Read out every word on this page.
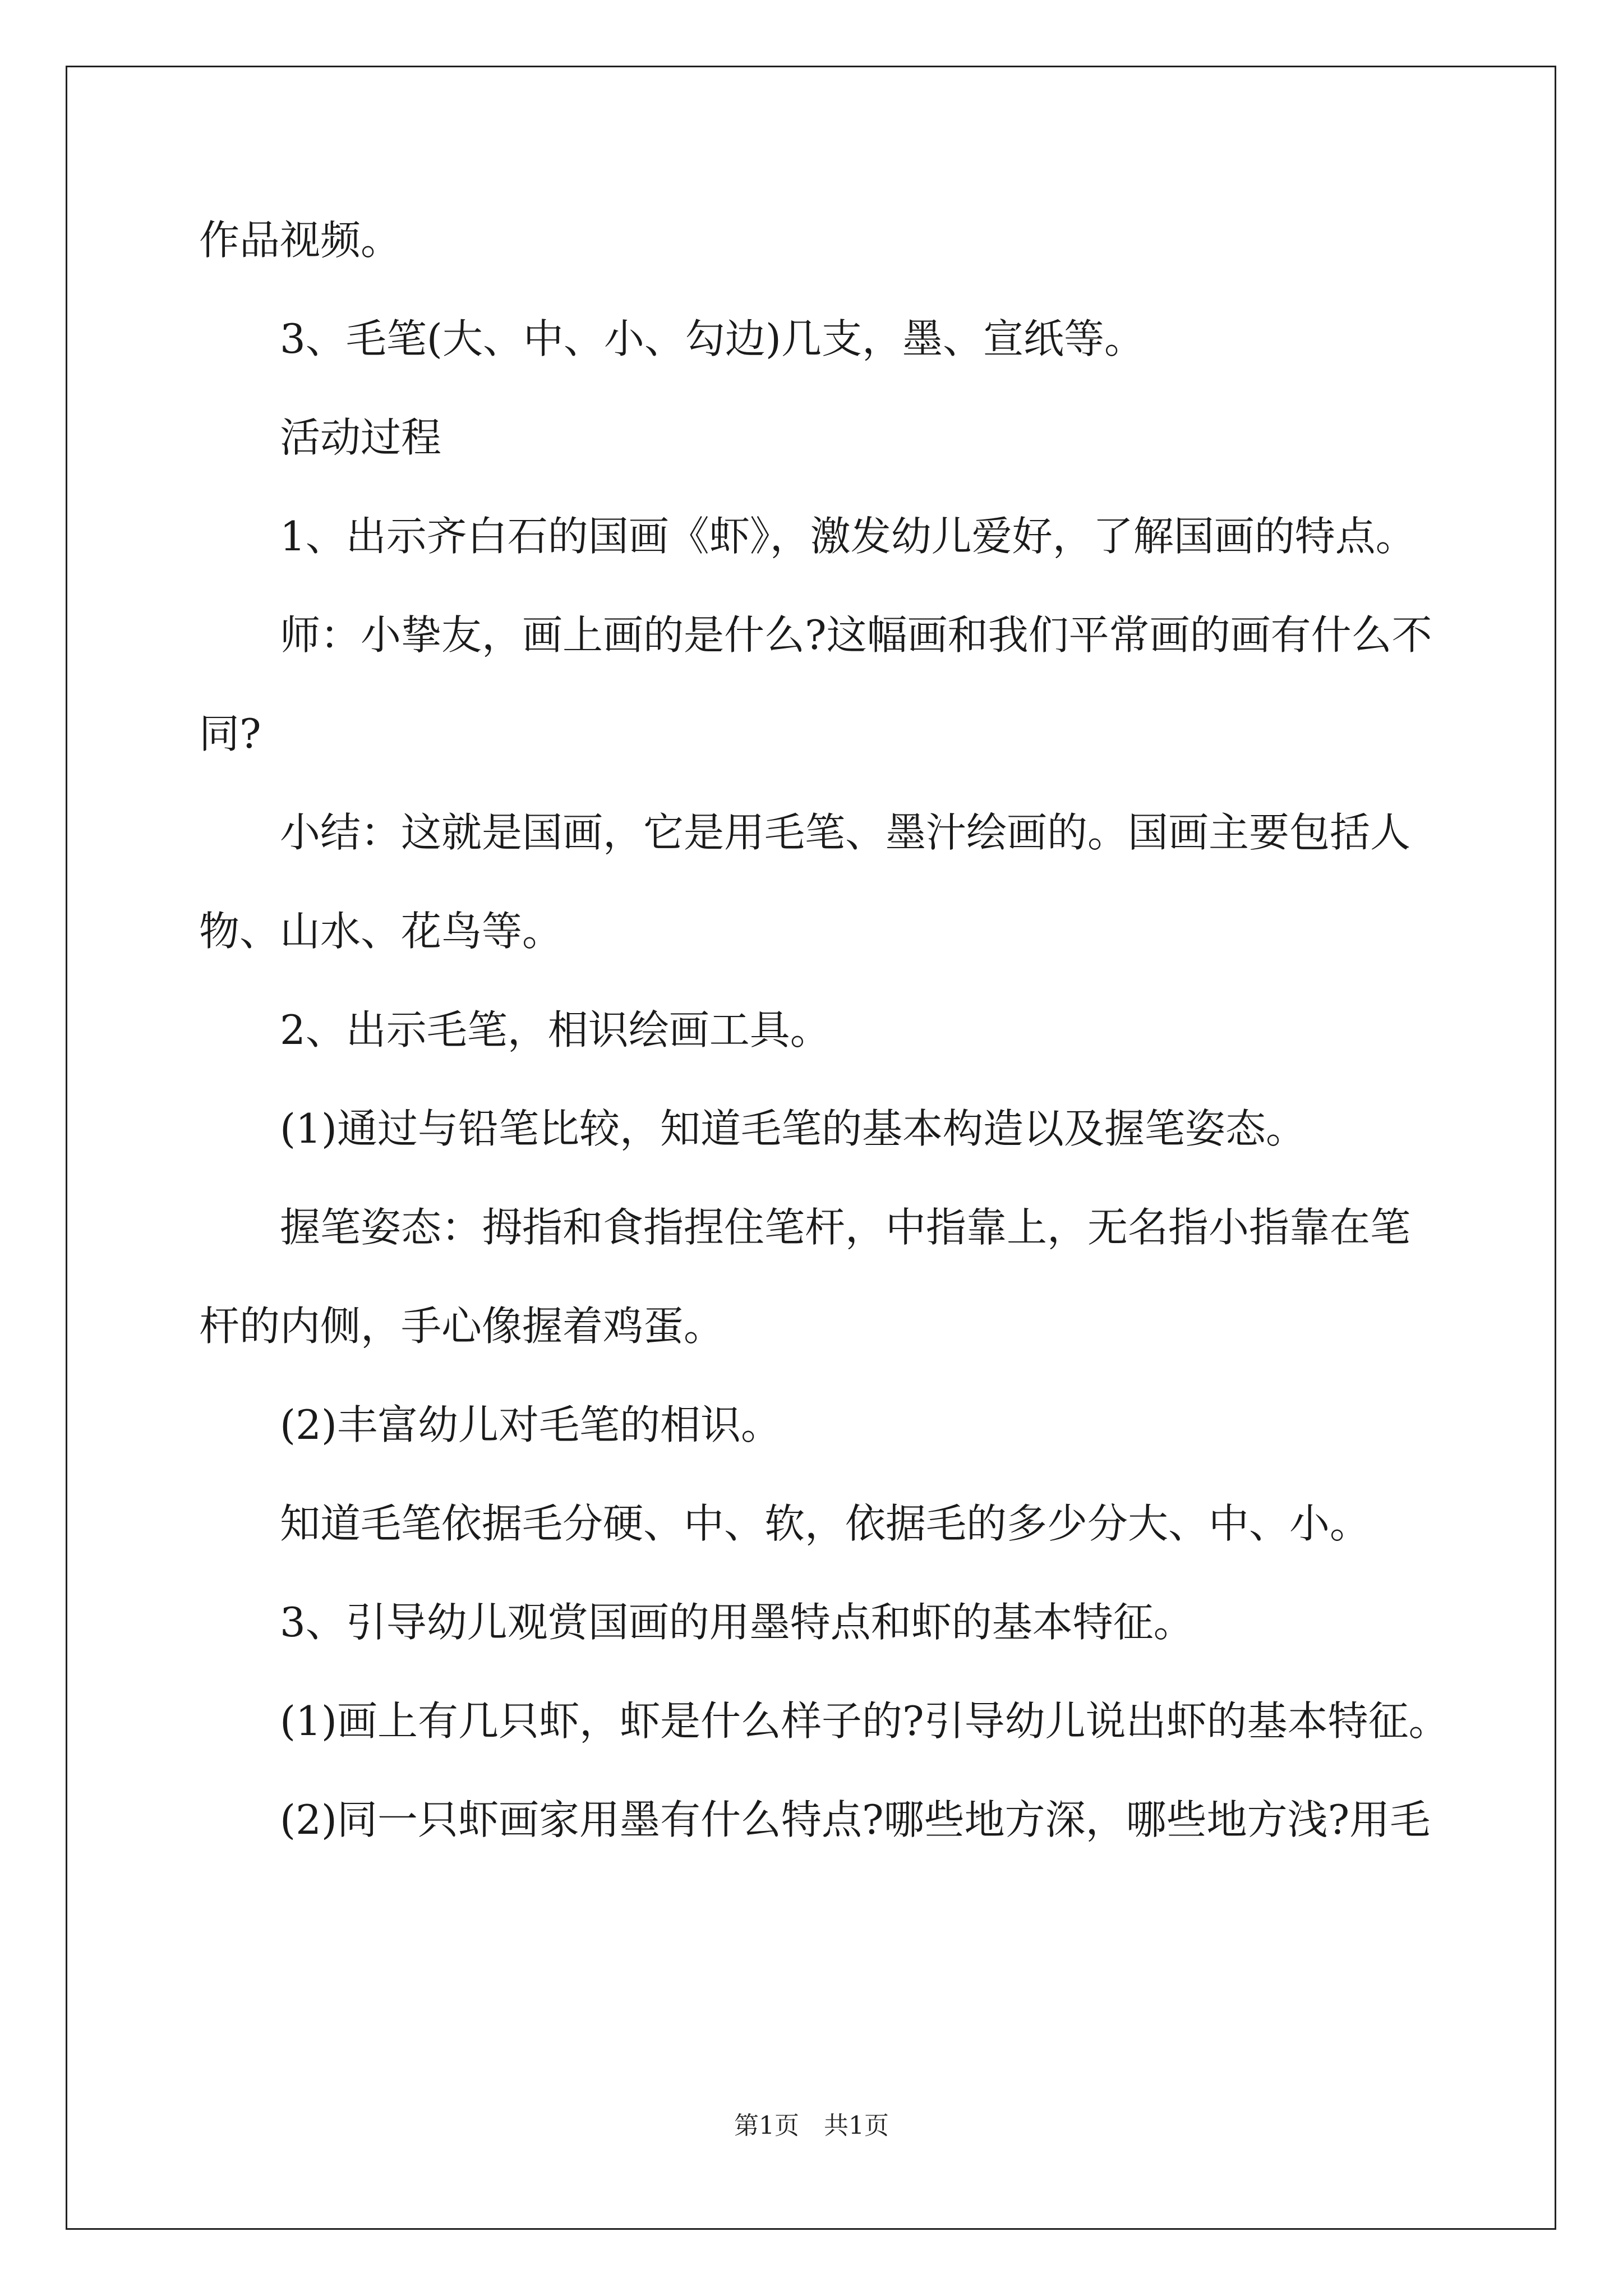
作品视频。

3、毛笔(大、中、小、勾边)几支，墨、宣纸等。

活动过程

1、出示齐白石的国画《虾》，激发幼儿爱好，了解国画的特点。

师：小挚友，画上画的是什么?这幅画和我们平常画的画有什么不

同?

小结：这就是国画，它是用毛笔、墨汁绘画的。国画主要包括人

物、山水、花鸟等。

2、出示毛笔，相识绘画工具。

(1)通过与铅笔比较，知道毛笔的基本构造以及握笔姿态。

握笔姿态：拇指和食指捏住笔杆，中指靠上，无名指小指靠在笔

杆的内侧，手心像握着鸡蛋。

(2)丰富幼儿对毛笔的相识。

知道毛笔依据毛分硬、中、软，依据毛的多少分大、中、小。

3、引导幼儿观赏国画的用墨特点和虾的基本特征。

(1)画上有几只虾，虾是什么样子的?引导幼儿说出虾的基本特征。

(2)同一只虾画家用墨有什么特点?哪些地方深，哪些地方浅?用毛

第1页　共1页
